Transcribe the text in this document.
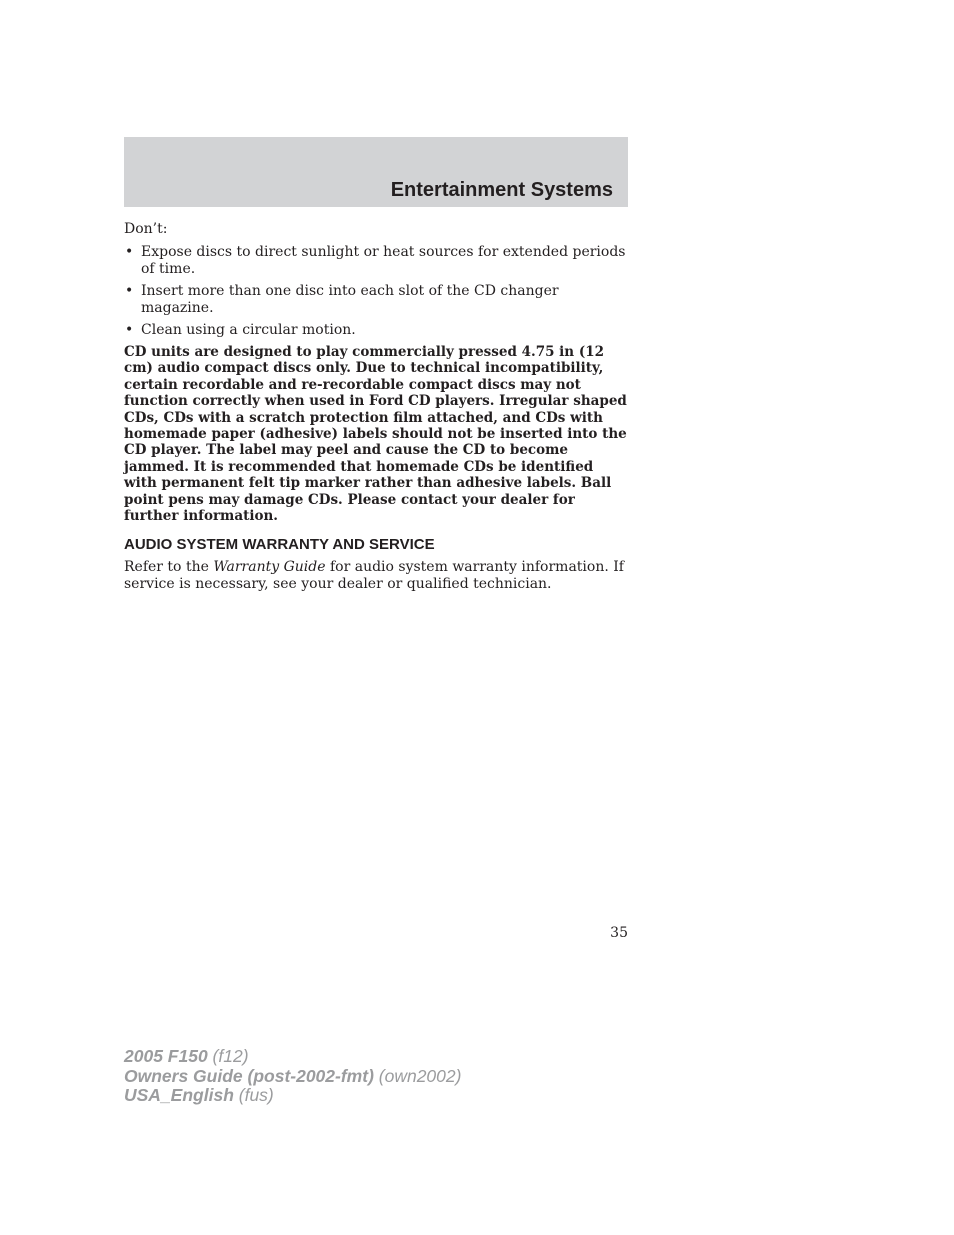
Entertainment Systems

Don’t:

• Expose discs to direct sunlight or heat sources for extended periods of time.
• Insert more than one disc into each slot of the CD changer magazine.
• Clean using a circular motion.

CD units are designed to play commercially pressed 4.75 in (12 cm) audio compact discs only. Due to technical incompatibility, certain recordable and re-recordable compact discs may not function correctly when used in Ford CD players. Irregular shaped CDs, CDs with a scratch protection film attached, and CDs with homemade paper (adhesive) labels should not be inserted into the CD player. The label may peel and cause the CD to become jammed. It is recommended that homemade CDs be identified with permanent felt tip marker rather than adhesive labels. Ball point pens may damage CDs. Please contact your dealer for further information.

AUDIO SYSTEM WARRANTY AND SERVICE

Refer to the Warranty Guide for audio system warranty information. If service is necessary, see your dealer or qualified technician.

35
2005 F150 (f12)
Owners Guide (post-2002-fmt) (own2002)
USA_English (fus)
